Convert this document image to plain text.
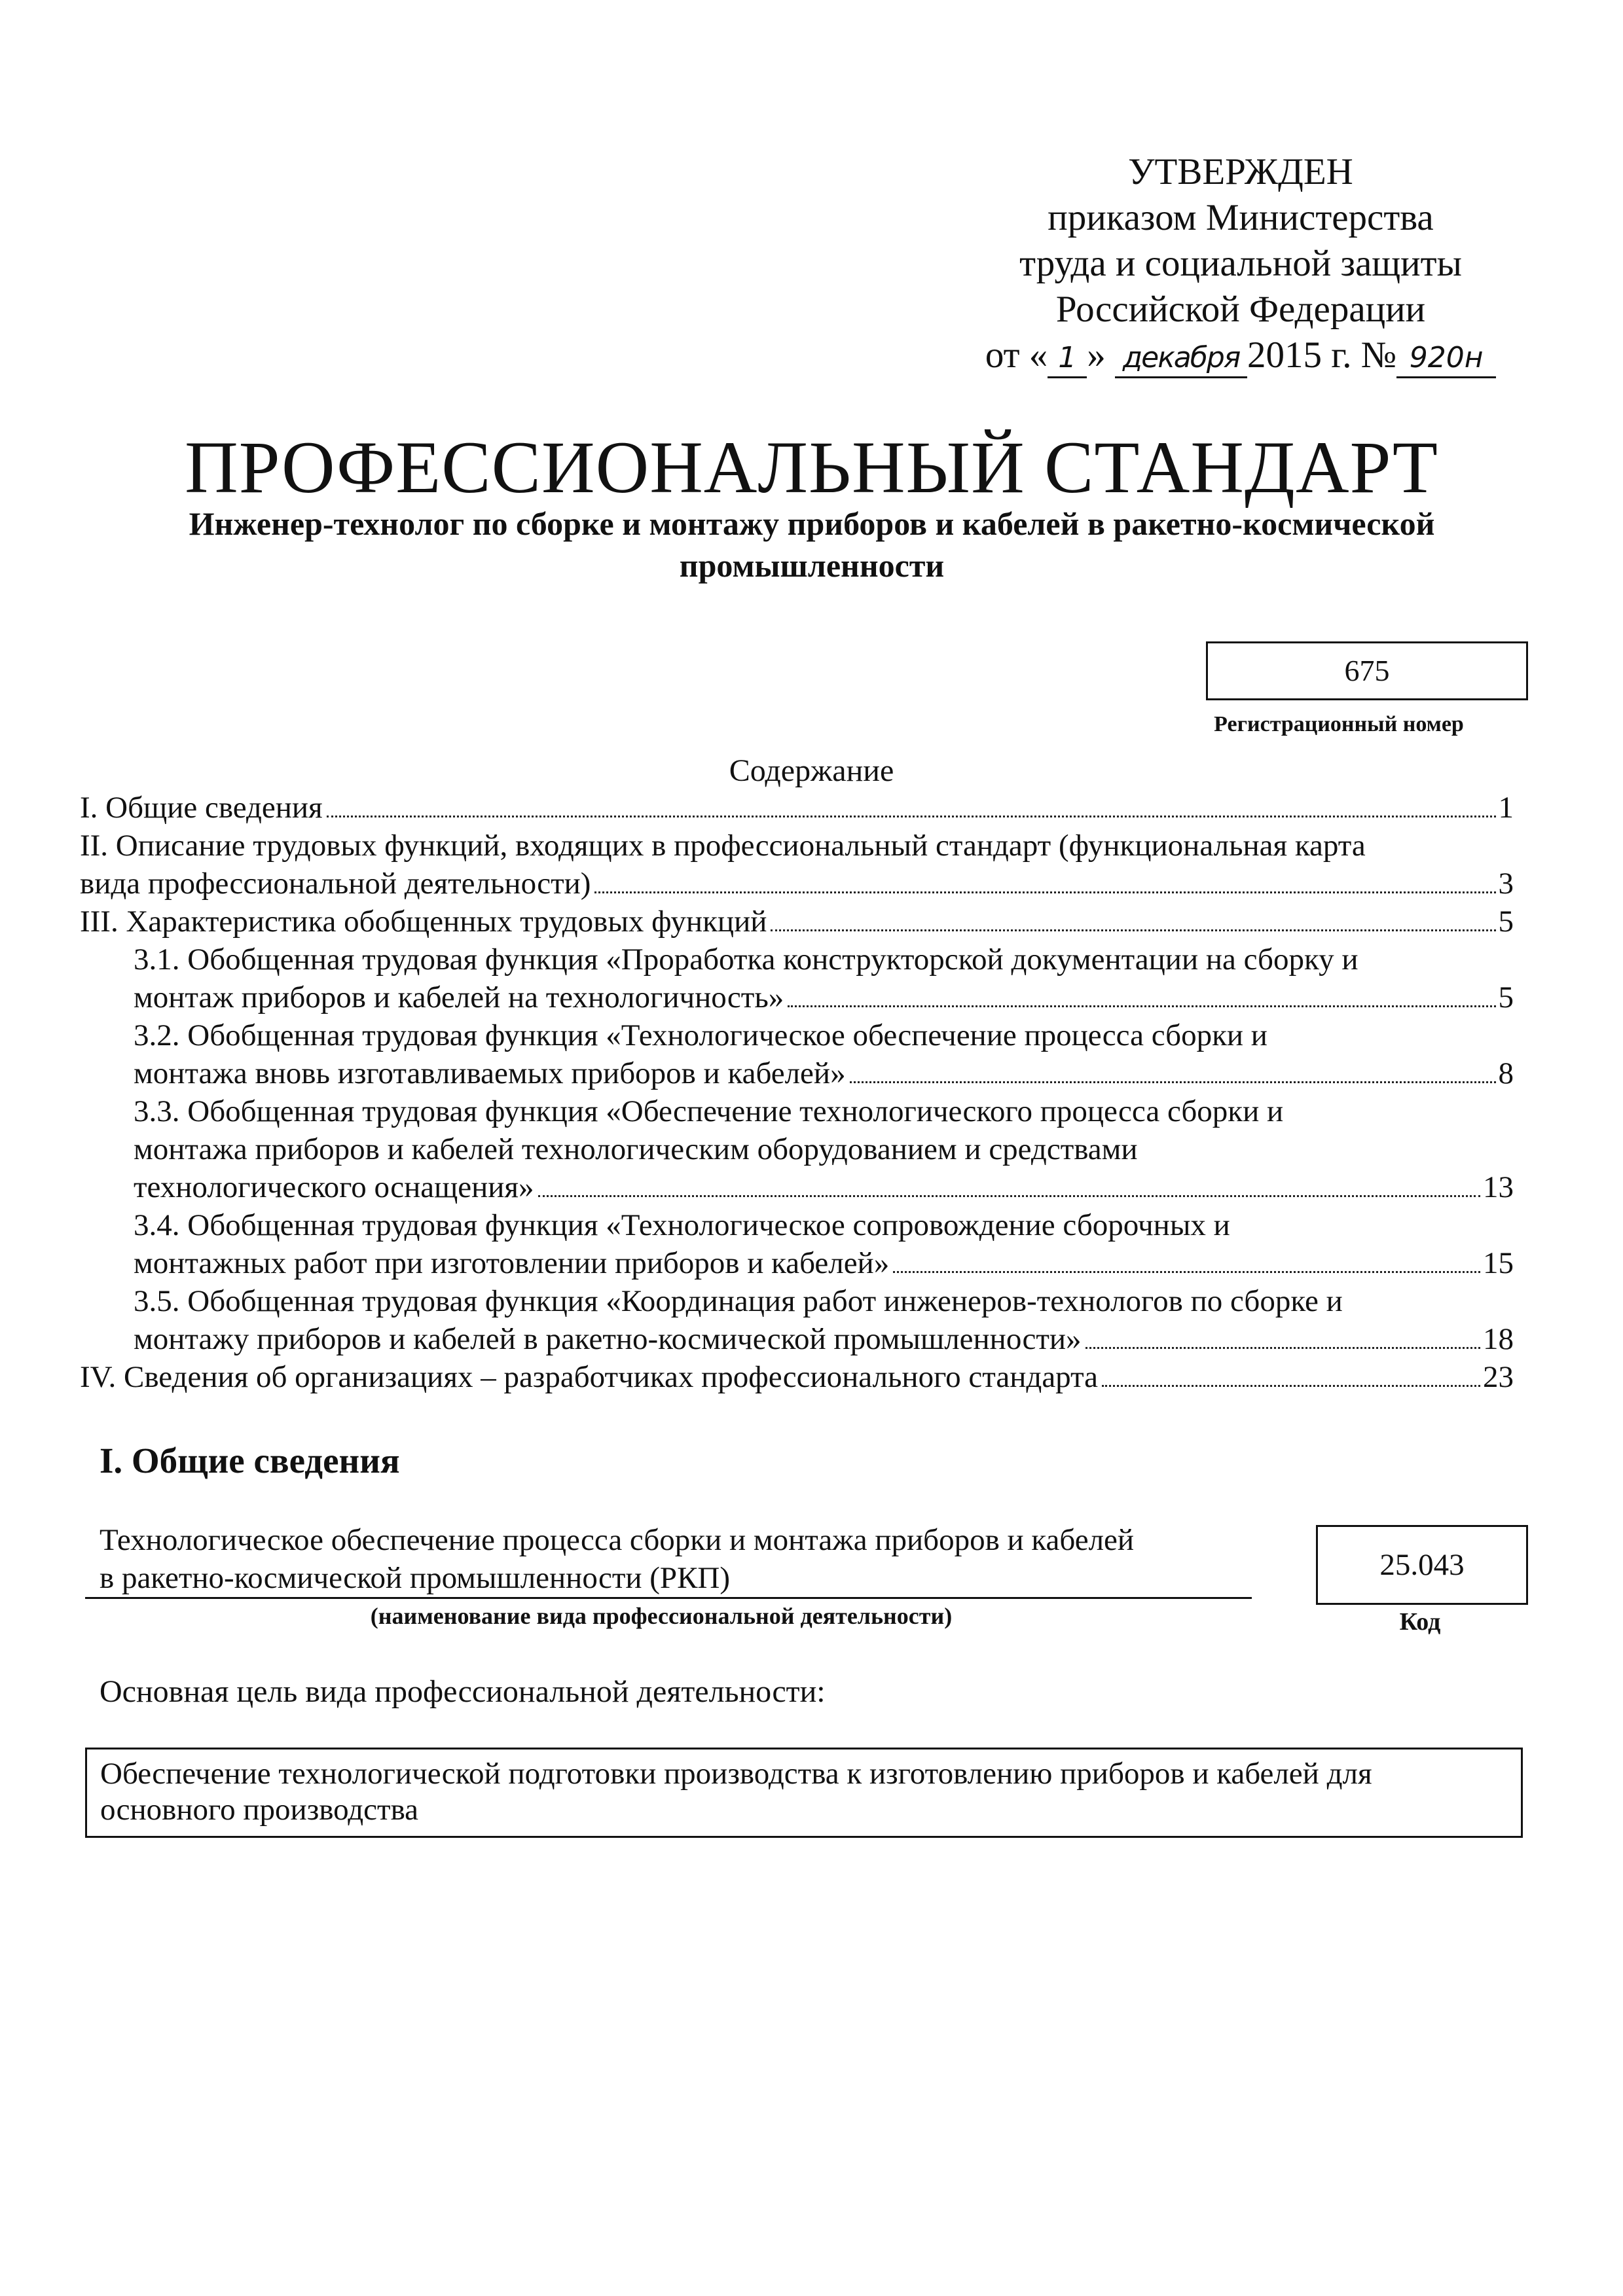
УТВЕРЖДЕН
приказом Министерства
труда и социальной защиты
Российской Федерации
от « 1 » декабря 2015 г. № 920н
ПРОФЕССИОНАЛЬНЫЙ СТАНДАРТ
Инженер-технолог по сборке и монтажу приборов и кабелей в ракетно-космической промышленности
675
Регистрационный номер
Содержание
I. Общие сведения	1
II. Описание трудовых функций, входящих в профессиональный стандарт (функциональная карта
вида профессиональной деятельности)	3
III. Характеристика обобщенных трудовых функций	5
3.1. Обобщенная трудовая функция «Проработка конструкторской документации на сборку и
монтаж приборов и кабелей на технологичность»	5
3.2. Обобщенная трудовая функция «Технологическое обеспечение процесса сборки и
монтажа вновь изготавливаемых приборов и кабелей»	8
3.3. Обобщенная трудовая функция «Обеспечение технологического процесса сборки и
монтажа приборов и кабелей технологическим оборудованием и средствами
технологического оснащения»	13
3.4. Обобщенная трудовая функция «Технологическое сопровождение сборочных и
монтажных работ при изготовлении приборов и кабелей»	15
3.5. Обобщенная трудовая функция «Координация работ инженеров-технологов по сборке и
монтажу приборов и кабелей в ракетно-космической промышленности»	18
IV. Сведения об организациях – разработчиках профессионального стандарта	23
I. Общие сведения
Технологическое обеспечение процесса сборки и монтажа приборов и кабелей
в ракетно-космической промышленности (РКП)
(наименование вида профессиональной деятельности)
25.043
Код
Основная цель вида профессиональной деятельности:
Обеспечение технологической подготовки производства к изготовлению приборов и кабелей для
основного производства
